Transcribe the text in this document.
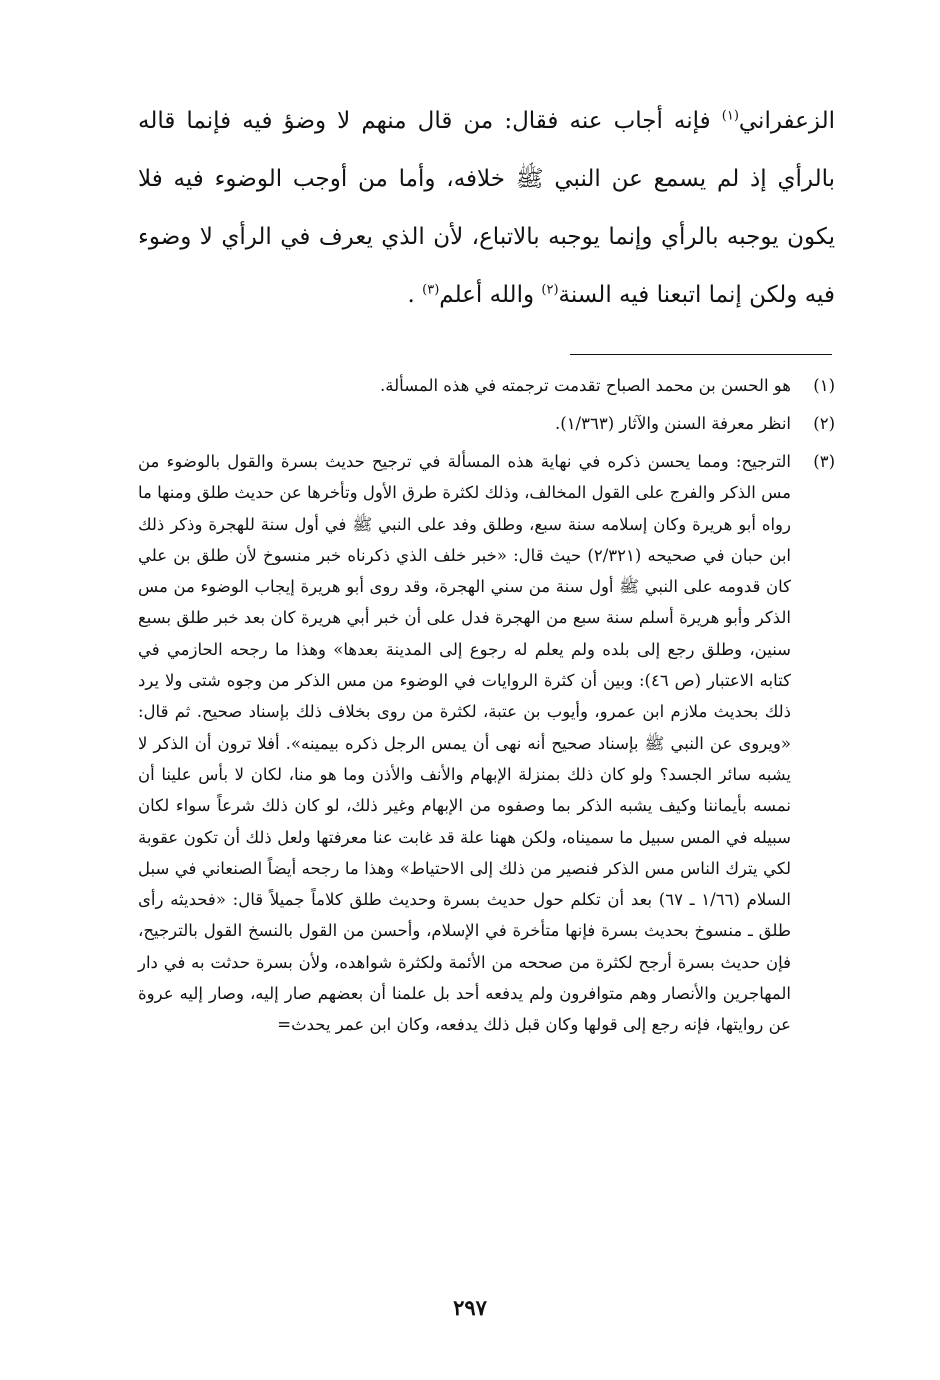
الزعفراني$^{(١)}$ فإنه أجاب عنه فقال: من قال منهم لا وضؤ فيه فإنما قاله بالرأي إذ لم يسمع عن النبي ﷺ خلافه، وأما من أوجب الوضوء فيه فلا يكون يوجبه بالرأي وإنما يوجبه بالاتباع، لأن الذي يعرف في الرأي لا وضوء فيه ولكن إنما اتبعنا فيه السنة$^{(٢)}$ والله أعلم$^{(٣)}$ .

(١)
هو الحسن بن محمد الصباح تقدمت ترجمته في هذه المسألة.
(٢)
انظر معرفة السنن والآثار (١/٣٦٣).
(٣)
الترجيح: ومما يحسن ذكره في نهاية هذه المسألة في ترجيح حديث بسرة والقول بالوضوء من مس الذكر والفرج على القول المخالف، وذلك لكثرة طرق الأول وتأخرها عن حديث طلق ومنها ما رواه أبو هريرة وكان إسلامه سنة سبع، وطلق وفد على النبي ﷺ في أول سنة للهجرة وذكر ذلك ابن حبان في صحيحه (٢/٣٢١) حيث قال: «خبر خلف الذي ذكرناه خبر منسوخ لأن طلق بن علي كان قدومه على النبي ﷺ أول سنة من سني الهجرة، وقد روى أبو هريرة إيجاب الوضوء من مس الذكر وأبو هريرة أسلم سنة سبع من الهجرة فدل على أن خبر أبي هريرة كان بعد خبر طلق بسبع سنين، وطلق رجع إلى بلده ولم يعلم له رجوع إلى المدينة بعدها» وهذا ما رجحه الحازمي في كتابه الاعتبار (ص ٤٦): وبين أن كثرة الروايات في الوضوء من مس الذكر من وجوه شتى ولا يرد ذلك بحديث ملازم ابن عمرو، وأيوب بن عتبة، لكثرة من روى بخلاف ذلك بإسناد صحيح. ثم قال: «ويروى عن النبي ﷺ بإسناد صحيح أنه نهى أن يمس الرجل ذكره بيمينه». أفلا ترون أن الذكر لا يشبه سائر الجسد؟ ولو كان ذلك بمنزلة الإبهام والأنف والأذن وما هو منا، لكان لا بأس علينا أن نمسه بأيماننا وكيف يشبه الذكر بما وصفوه من الإبهام وغير ذلك، لو كان ذلك شرعاً سواء لكان سبيله في المس سبيل ما سميناه، ولكن ههنا علة قد غابت عنا معرفتها ولعل ذلك أن تكون عقوبة لكي يترك الناس مس الذكر فنصير من ذلك إلى الاحتياط» وهذا ما رجحه أيضاً الصنعاني في سبل السلام (١/٦٦ ـ ٦٧) بعد أن تكلم حول حديث بسرة وحديث طلق كلاماً جميلاً قال: «فحديثه رأى طلق ـ منسوخ بحديث بسرة فإنها متأخرة في الإسلام، وأحسن من القول بالنسخ القول بالترجيح، فإن حديث بسرة أرجح لكثرة من صححه من الأئمة ولكثرة شواهده، ولأن بسرة حدثت به في دار المهاجرين والأنصار وهم متوافرون ولم يدفعه أحد بل علمنا أن بعضهم صار إليه، وصار إليه عروة عن روايتها، فإنه رجع إلى قولها وكان قبل ذلك يدفعه، وكان ابن عمر يحدث=
٢٩٧
